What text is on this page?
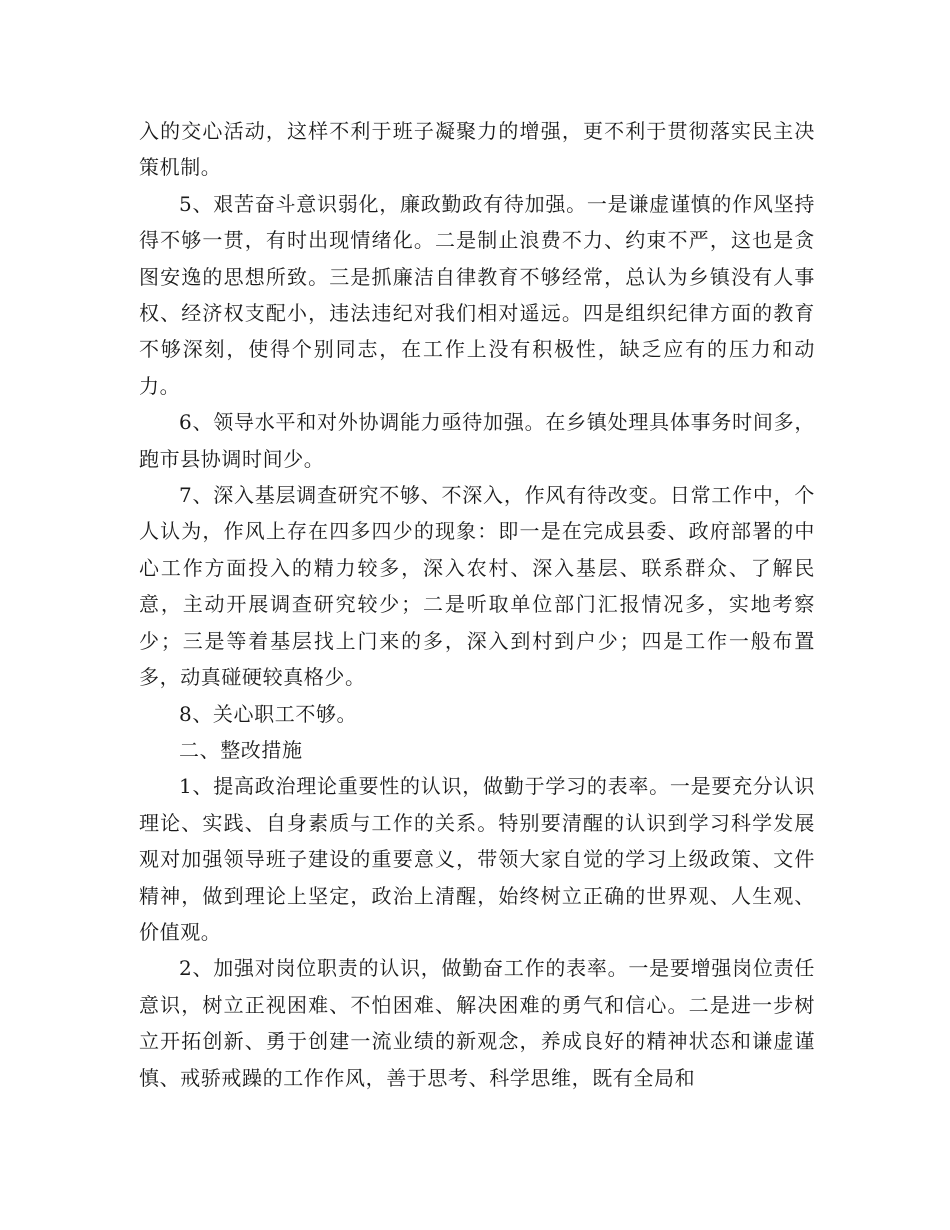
入的交心活动，这样不利于班子凝聚力的增强，更不利于贯彻落实民主决策机制。

5、艰苦奋斗意识弱化，廉政勤政有待加强。一是谦虚谨慎的作风坚持得不够一贯，有时出现情绪化。二是制止浪费不力、约束不严，这也是贪图安逸的思想所致。三是抓廉洁自律教育不够经常，总认为乡镇没有人事权、经济权支配小，违法违纪对我们相对遥远。四是组织纪律方面的教育不够深刻，使得个别同志，在工作上没有积极性，缺乏应有的压力和动力。

6、领导水平和对外协调能力亟待加强。在乡镇处理具体事务时间多，跑市县协调时间少。

7、深入基层调查研究不够、不深入，作风有待改变。日常工作中，个人认为，作风上存在四多四少的现象：即一是在完成县委、政府部署的中心工作方面投入的精力较多，深入农村、深入基层、联系群众、了解民意，主动开展调查研究较少；二是听取单位部门汇报情况多，实地考察少；三是等着基层找上门来的多，深入到村到户少；四是工作一般布置多，动真碰硬较真格少。

8、关心职工不够。

二、整改措施

1、提高政治理论重要性的认识，做勤于学习的表率。一是要充分认识理论、实践、自身素质与工作的关系。特别要清醒的认识到学习科学发展观对加强领导班子建设的重要意义，带领大家自觉的学习上级政策、文件精神，做到理论上坚定，政治上清醒，始终树立正确的世界观、人生观、价值观。

2、加强对岗位职责的认识，做勤奋工作的表率。一是要增强岗位责任意识，树立正视困难、不怕困难、解决困难的勇气和信心。二是进一步树立开拓创新、勇于创建一流业绩的新观念，养成良好的精神状态和谦虚谨慎、戒骄戒躁的工作作风，善于思考、科学思维，既有全局和
